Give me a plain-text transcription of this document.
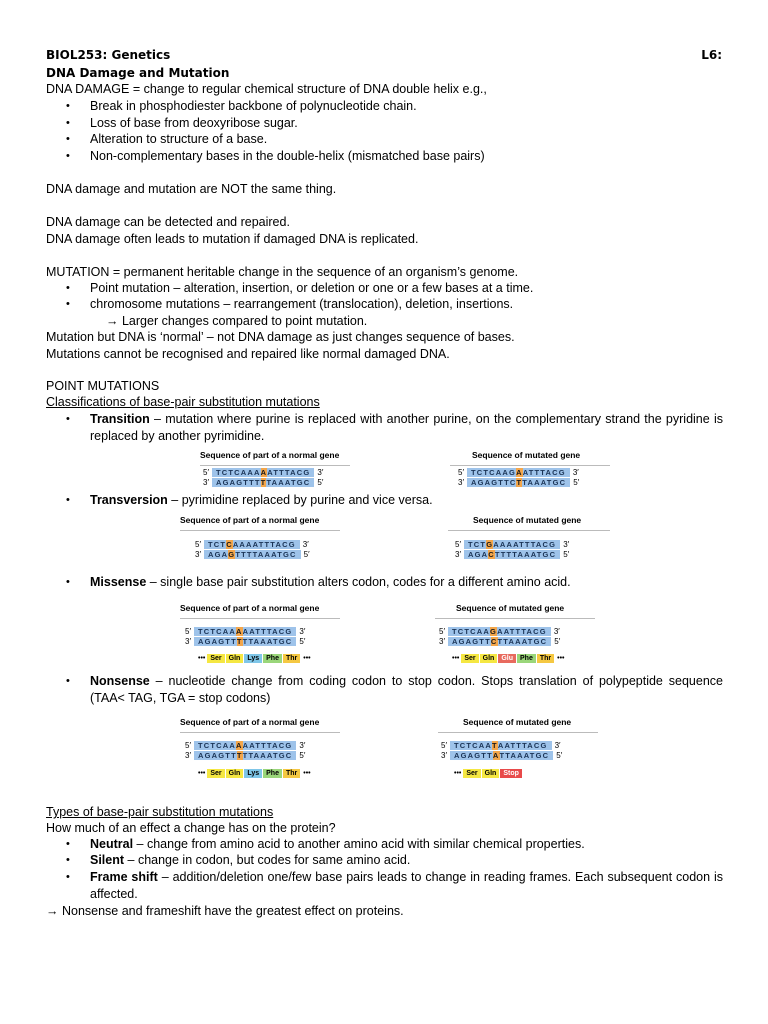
BIOL253: Genetics	L6:
DNA Damage and Mutation
DNA DAMAGE = change to regular chemical structure of DNA double helix e.g.,
• Break in phosphodiester backbone of polynucleotide chain.
• Loss of base from deoxyribose sugar.
• Alteration to structure of a base.
• Non-complementary bases in the double-helix (mismatched base pairs)
DNA damage and mutation are NOT the same thing.
DNA damage can be detected and repaired.
DNA damage often leads to mutation if damaged DNA is replicated.
MUTATION = permanent heritable change in the sequence of an organism’s genome.
• Point mutation – alteration, insertion, or deletion or one or a few bases at a time.
• chromosome mutations – rearrangement (translocation), deletion, insertions.
→ Larger changes compared to point mutation.
Mutation but DNA is ‘normal’ – not DNA damage as just changes sequence of bases.
Mutations cannot be recognised and repaired like normal damaged DNA.
POINT MUTATIONS
Classifications of base-pair substitution mutations
• Transition – mutation where purine is replaced with another purine, on the complementary strand the pyridine is replaced by another pyrimidine.
Sequence of part of a normal gene	Sequence of mutated gene
5′ TCTCAAA A ATTTACG 3′
3′ AGAGTTT T TAAATGC 5′
5′ TCTCAAG A ATTTACG 3′
3′ AGAGTTC T TAAATGC 5′
• Transversion – pyrimidine replaced by purine and vice versa.
Sequence of part of a normal gene	Sequence of mutated gene
5′ TCT C AAAATTTACG 3′
3′ AGA G TTTTAAATGC 5′
5′ TCT G AAAATTTACG 3′
3′ AGA C TTTTAAATGC 5′
• Missense – single base pair substitution alters codon, codes for a different amino acid.
Sequence of part of a normal gene	Sequence of mutated gene
5′ TCTCAA A AATTTACG 3′
3′ AGAGTT T TTAAATGC 5′
••• Ser	Gln	Lys	Phe	Thr •••
5′ TCTCAA G AATTTACG 3′
3′ AGAGTT C TTAAATGC 5′
••• Ser	Gln	Glu	Phe	Thr •••
• Nonsense – nucleotide change from coding codon to stop codon. Stops translation of polypeptide sequence (TAA< TAG, TGA = stop codons)
Sequence of part of a normal gene	Sequence of mutated gene
5′ TCTCAA A AATTTACG 3′
3′ AGAGTT T TTAAATGC 5′
••• Ser	Gln	Lys	Phe	Thr •••
5′ TCTCAA T AATTTACG 3′
3′ AGAGTT A TTAAATGC 5′
••• Ser	Gln	Stop
Types of base-pair substitution mutations
How much of an effect a change has on the protein?
• Neutral – change from amino acid to another amino acid with similar chemical properties.
• Silent – change in codon, but codes for same amino acid.
• Frame shift – addition/deletion one/few base pairs leads to change in reading frames. Each subsequent codon is affected.
→ Nonsense and frameshift have the greatest effect on proteins.
